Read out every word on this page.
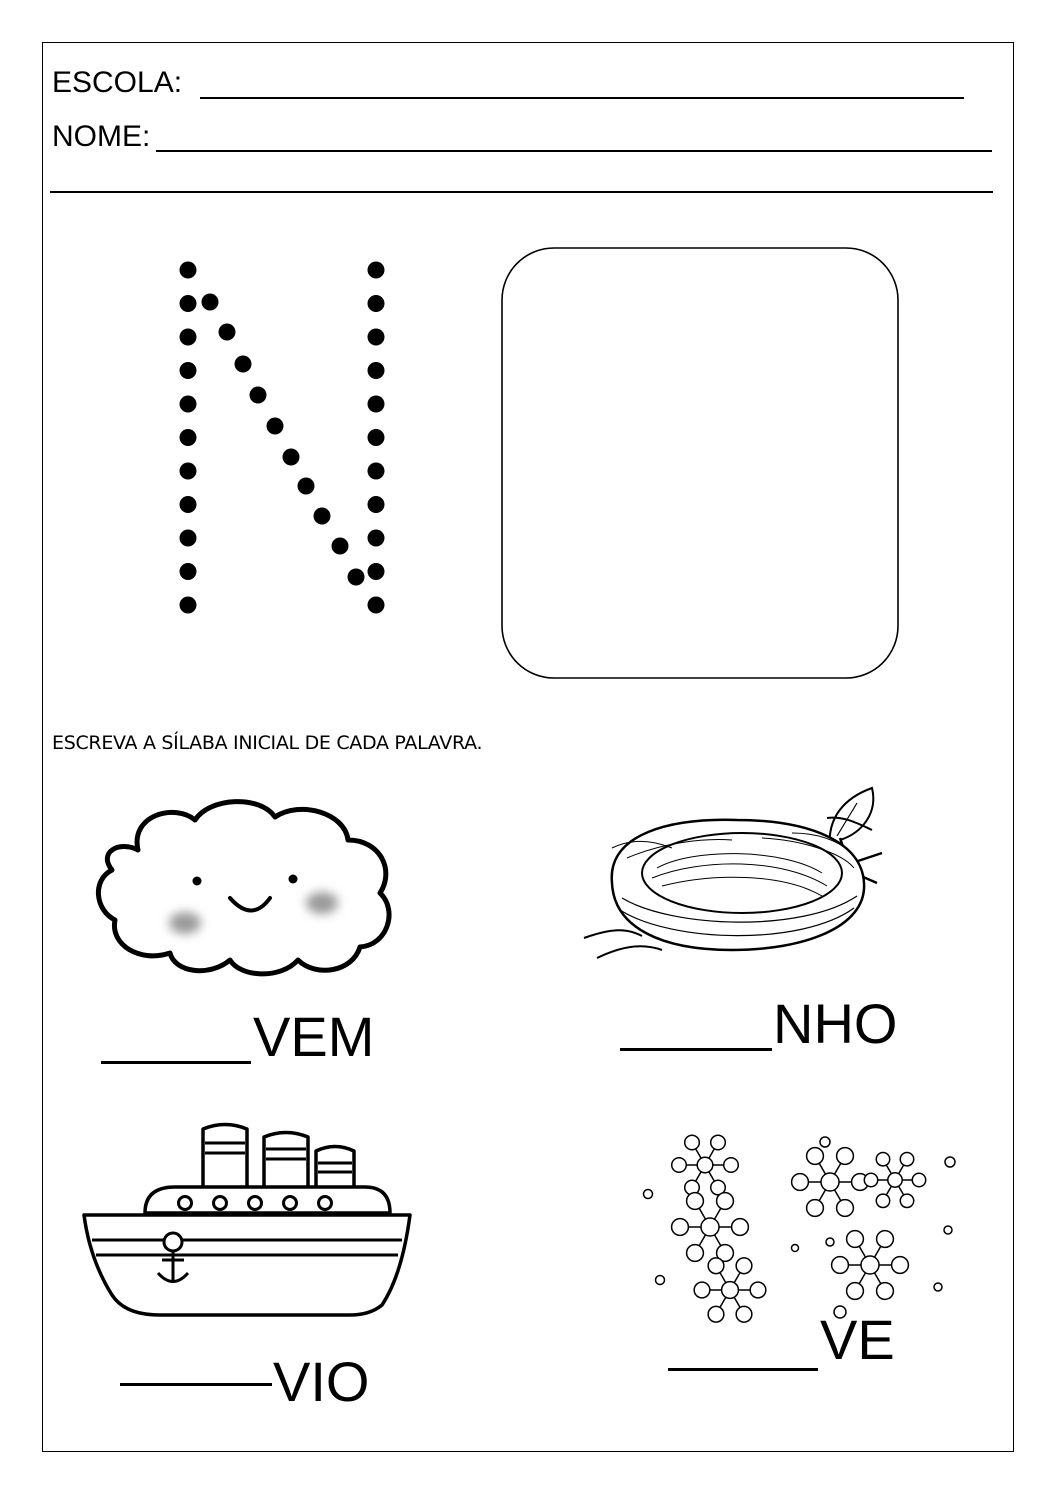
ESCOLA:
NOME:
ESCREVA A SÍLABA INICIAL DE CADA PALAVRA.
VEM	NHO
VIO
VE
